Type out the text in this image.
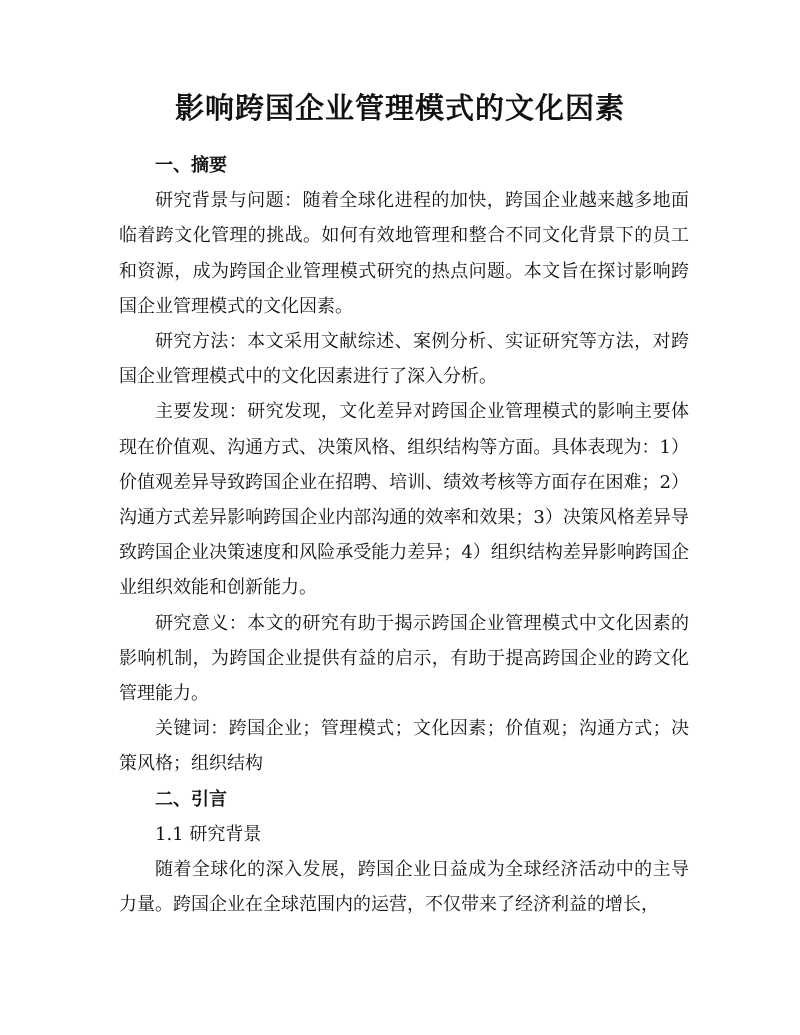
影响跨国企业管理模式的文化因素

一、摘要

研究背景与问题：随着全球化进程的加快，跨国企业越来越多地面临着跨文化管理的挑战。如何有效地管理和整合不同文化背景下的员工和资源，成为跨国企业管理模式研究的热点问题。本文旨在探讨影响跨国企业管理模式的文化因素。

研究方法：本文采用文献综述、案例分析、实证研究等方法，对跨国企业管理模式中的文化因素进行了深入分析。

主要发现：研究发现，文化差异对跨国企业管理模式的影响主要体现在价值观、沟通方式、决策风格、组织结构等方面。具体表现为：1）价值观差异导致跨国企业在招聘、培训、绩效考核等方面存在困难；2）沟通方式差异影响跨国企业内部沟通的效率和效果；3）决策风格差异导致跨国企业决策速度和风险承受能力差异；4）组织结构差异影响跨国企业组织效能和创新能力。

研究意义：本文的研究有助于揭示跨国企业管理模式中文化因素的影响机制，为跨国企业提供有益的启示，有助于提高跨国企业的跨文化管理能力。

关键词：跨国企业；管理模式；文化因素；价值观；沟通方式；决策风格；组织结构

二、引言

1.1 研究背景

随着全球化的深入发展，跨国企业日益成为全球经济活动中的主导力量。跨国企业在全球范围内的运营，不仅带来了经济利益的增长，
